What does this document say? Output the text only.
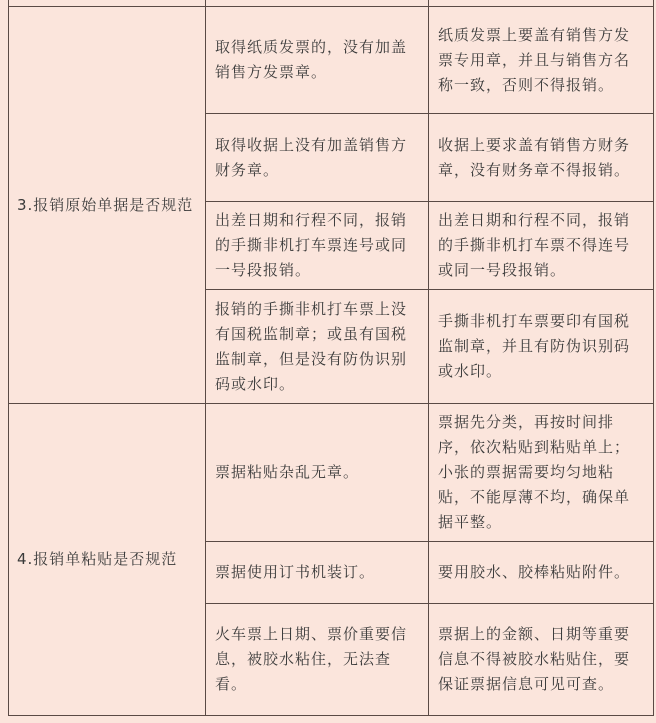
3.报销原始单据是否规范	取得纸质发票的，没有加盖销售方发票章。	纸质发票上要盖有销售方发票专用章，并且与销售方名称一致，否则不得报销。
	取得收据上没有加盖销售方财务章。	收据上要求盖有销售方财务章，没有财务章不得报销。
	出差日期和行程不同，报销的手撕非机打车票连号或同一号段报销。	出差日期和行程不同，报销的手撕非机打车票不得连号或同一号段报销。
	报销的手撕非机打车票上没有国税监制章；或虽有国税监制章，但是没有防伪识别码或水印。	手撕非机打车票要印有国税监制章，并且有防伪识别码或水印。
4.报销单粘贴是否规范	票据粘贴杂乱无章。	票据先分类，再按时间排序，依次粘贴到粘贴单上；小张的票据需要均匀地粘贴，不能厚薄不均，确保单据平整。
	票据使用订书机装订。	要用胶水、胶棒粘贴附件。
	火车票上日期、票价重要信息，被胶水粘住，无法查看。	票据上的金额、日期等重要信息不得被胶水粘贴住，要保证票据信息可见可查。
